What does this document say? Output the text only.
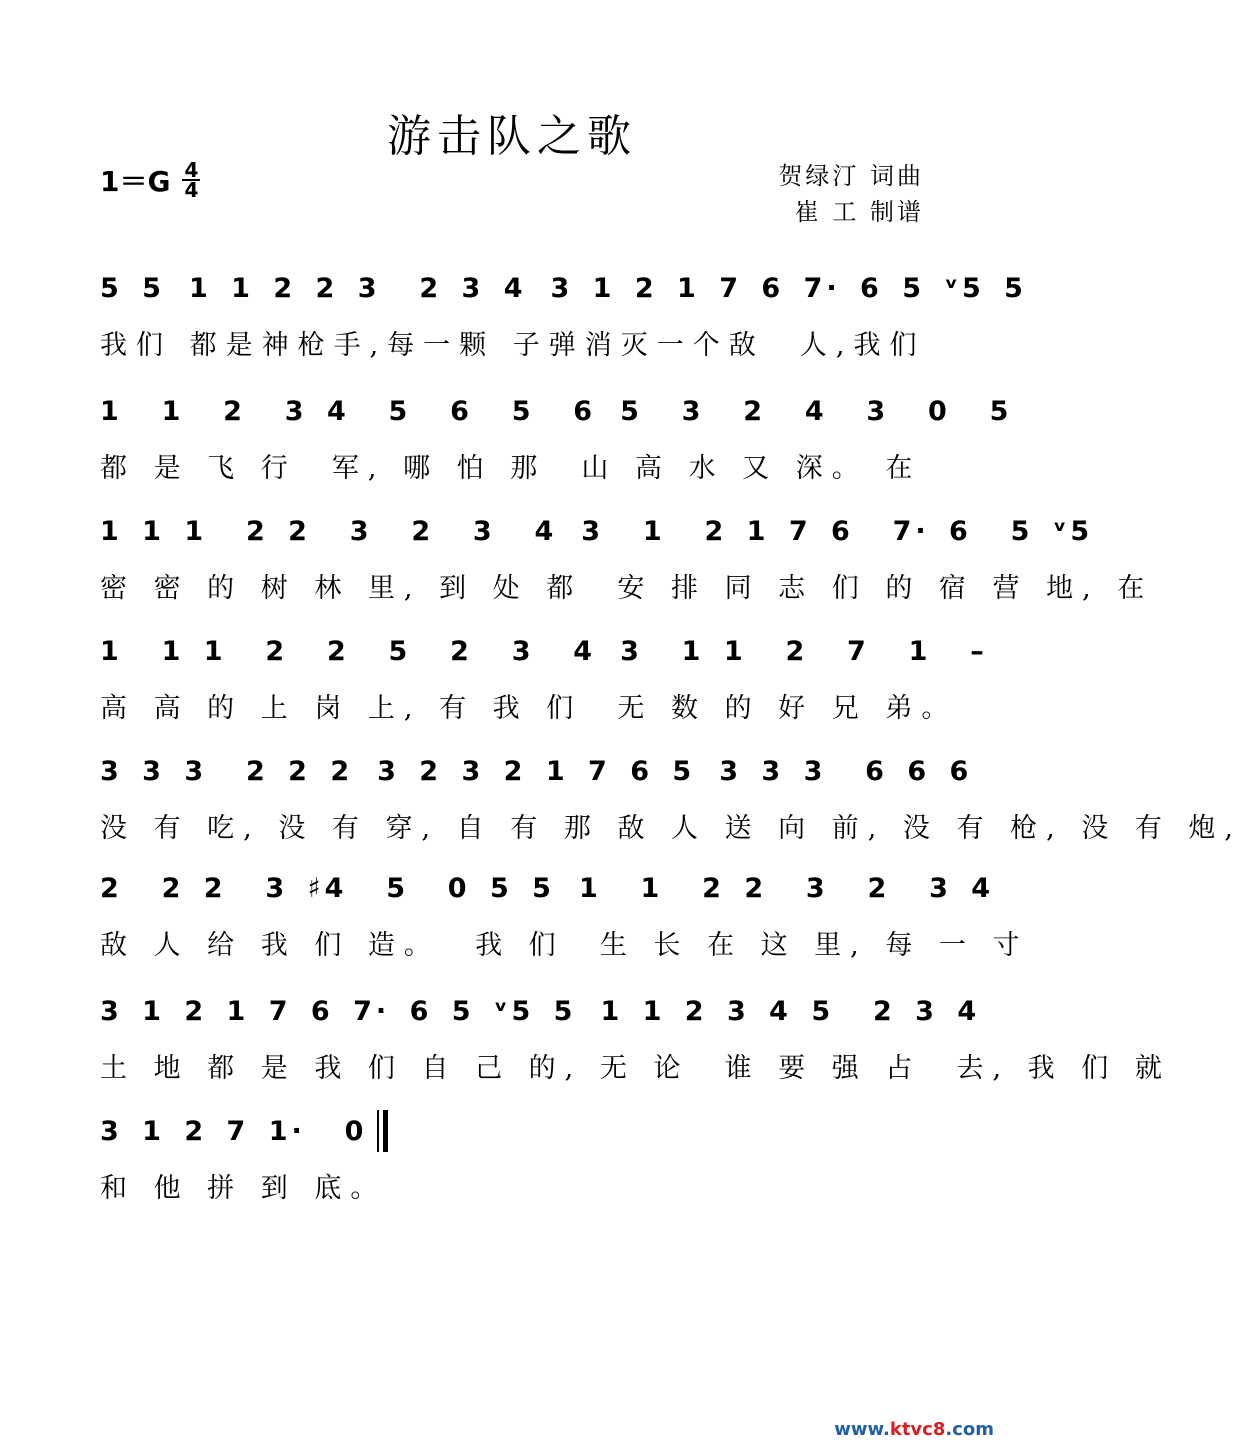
游击队之歌
$1=G \frac{4}{4}$	贺绿汀 词曲
崔 工 制谱
5 5 1 1 2 2 3  2 3 4 3 1 2 1 7 6 7· 6 5 ᵛ5 5
我们 都是神枪手,每一颗 子弹消灭一个敌  人,我们
1  1  2  3 4  5  6  5  6 5  3  2  4  3  0  5
都 是 飞 行  军, 哪 怕 那  山 高 水 又 深。 在
1 1 1  2 2  3  2  3  4 3  1  2 1 7 6  7· 6  5 ᵛ5
密 密 的 树 林 里, 到 处 都  安 排 同 志 们 的 宿 营 地, 在
1  1 1  2  2  5  2  3  4 3  1 1  2  7  1  –
高 高 的 上 岗 上, 有 我 们  无 数 的 好 兄 弟。
3 3 3  2 2 2 3 2 3 2 1 7 6 5 3 3 3  6 6 6
没 有 吃, 没 有 穿, 自 有 那 敌 人 送 向 前, 没 有 枪, 没 有 炮,
2  2 2  3 ♯4  5  0 5 5 1  1  2 2  3  2  3 4
敌 人 给 我 们 造。  我 们  生 长 在 这 里, 每 一 寸
3 1 2 1 7 6 7· 6 5 ᵛ5 5 1 1 2 3 4 5  2 3 4
土 地 都 是 我 们 自 己 的, 无 论  谁 要 强 占  去, 我 们 就
3 1 2 7 1·  0
和 他 拼 到 底。
www.ktvc8.com
